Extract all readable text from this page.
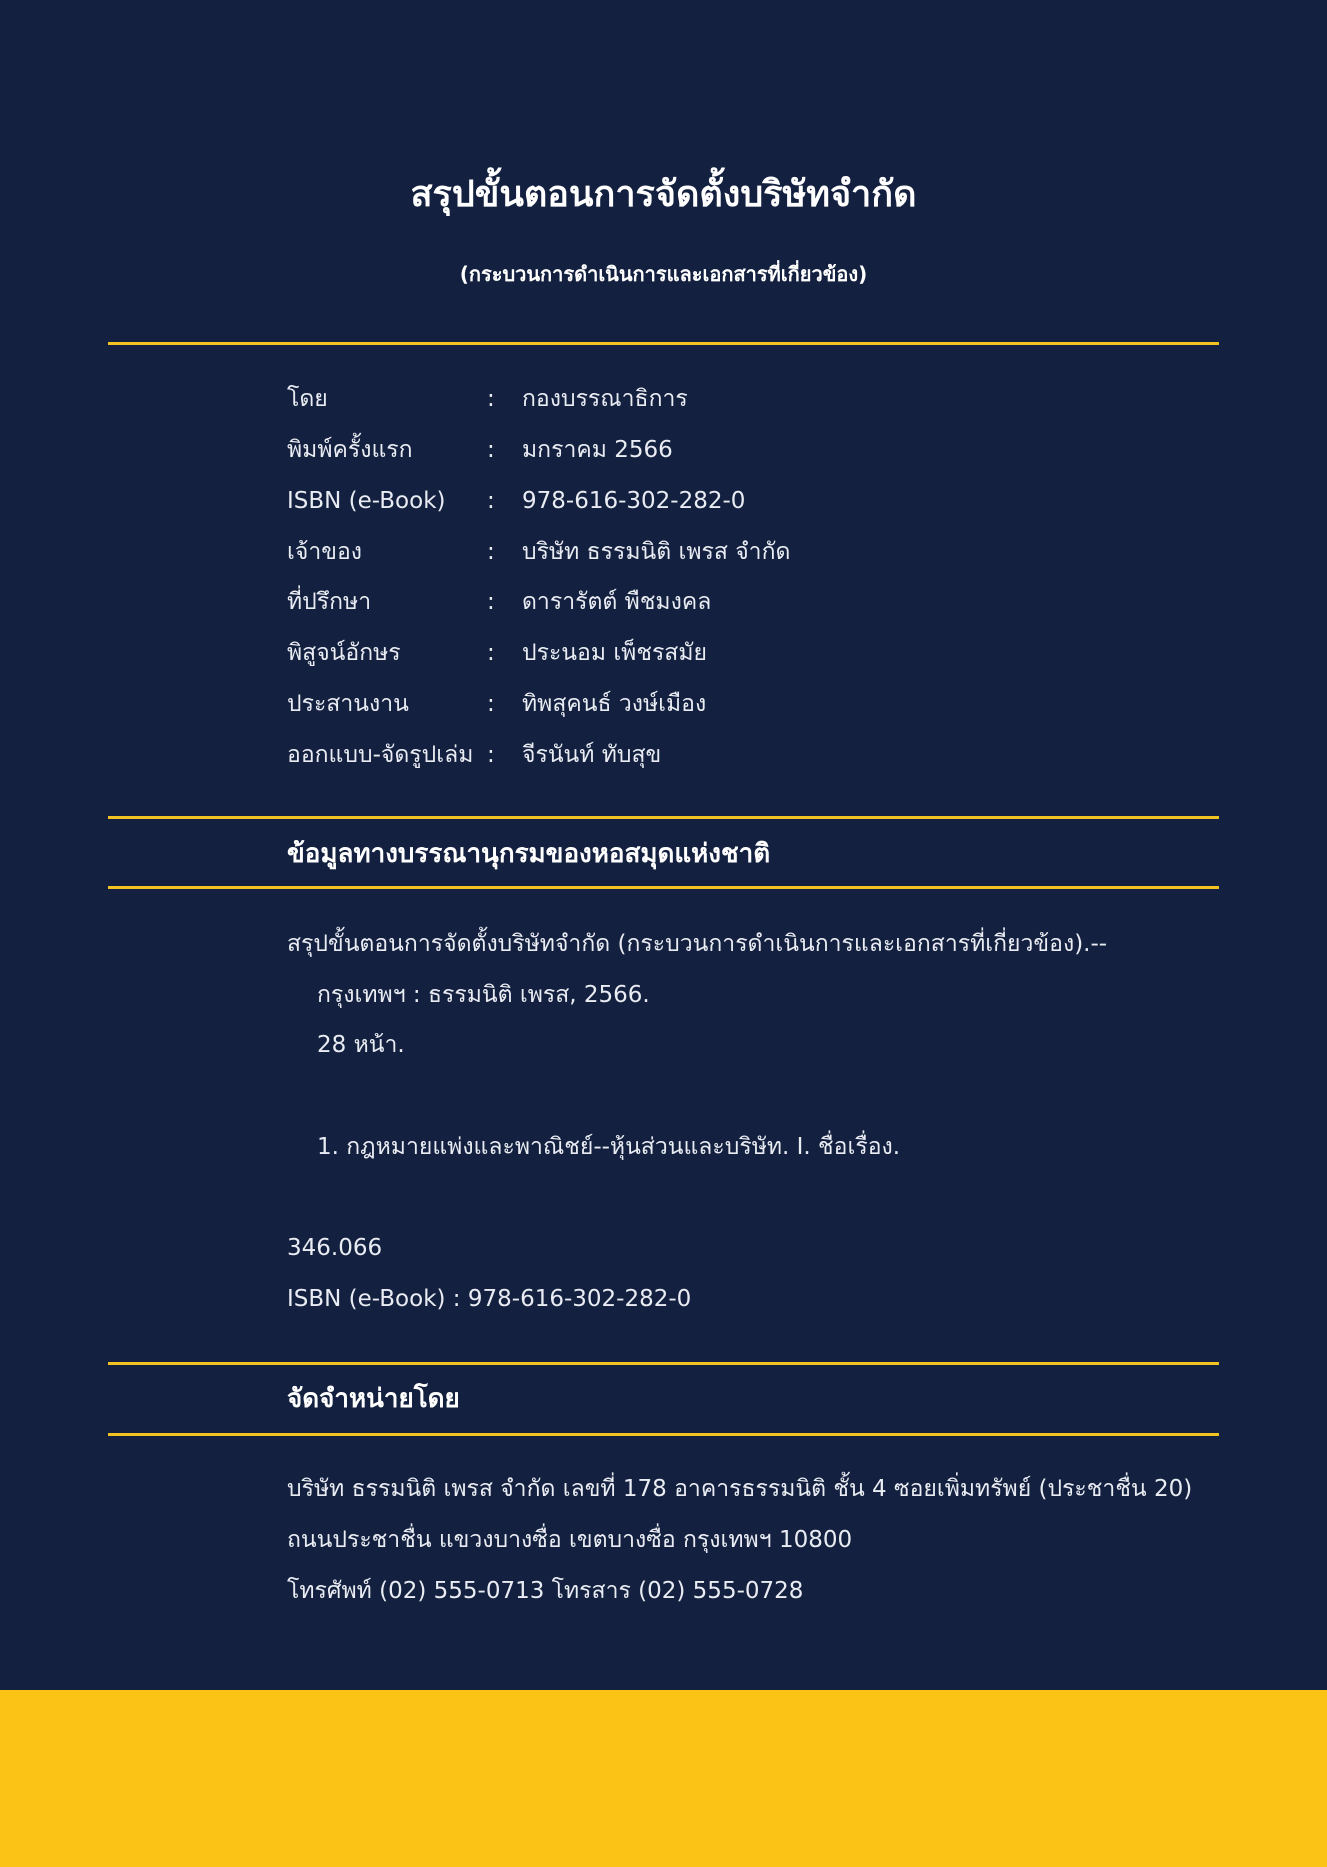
สรุปขั้นตอนการจัดตั้งบริษัทจำกัด
(กระบวนการดำเนินการและเอกสารที่เกี่ยวข้อง)
โดย	:	กองบรรณาธิการ
พิมพ์ครั้งแรก	:	มกราคม 2566
ISBN (e-Book)	:	978-616-302-282-0
เจ้าของ	:	บริษัท ธรรมนิติ เพรส จำกัด
ที่ปรึกษา	:	ดารารัตต์ พืชมงคล
พิสูจน์อักษร	:	ประนอม เพ็ชรสมัย
ประสานงาน	:	ทิพสุคนธ์ วงษ์เมือง
ออกแบบ-จัดรูปเล่ม :	จีรนันท์ ทับสุข
ข้อมูลทางบรรณานุกรมของหอสมุดแห่งชาติ
สรุปขั้นตอนการจัดตั้งบริษัทจำกัด (กระบวนการดำเนินการและเอกสารที่เกี่ยวข้อง).--
กรุงเทพฯ : ธรรมนิติ เพรส, 2566.
28 หน้า.
1. กฎหมายแพ่งและพาณิชย์--หุ้นส่วนและบริษัท. I. ชื่อเรื่อง.
346.066
ISBN (e-Book) : 978-616-302-282-0
จัดจำหน่ายโดย
บริษัท ธรรมนิติ เพรส จำกัด เลขที่ 178 อาคารธรรมนิติ ชั้น 4 ซอยเพิ่มทรัพย์ (ประชาชื่น 20)
ถนนประชาชื่น แขวงบางซื่อ เขตบางซื่อ กรุงเทพฯ 10800
โทรศัพท์ (02) 555-0713 โทรสาร (02) 555-0728
